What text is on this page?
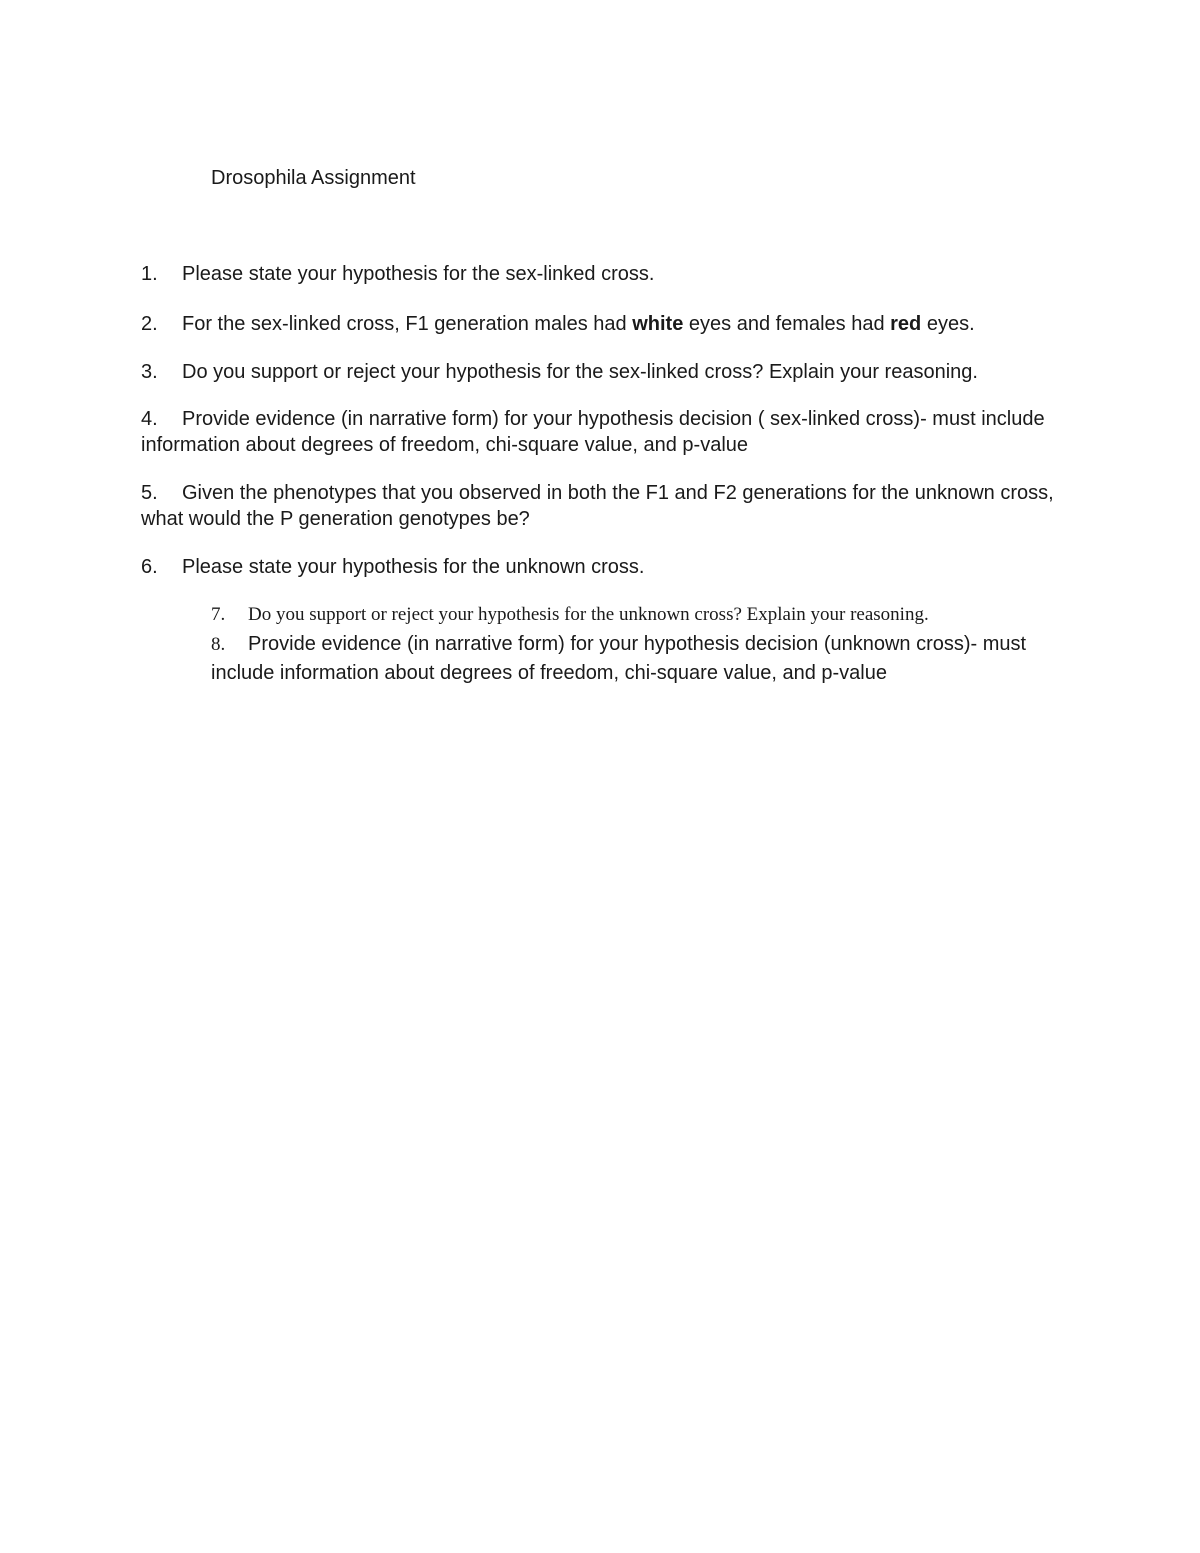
Drosophila Assignment
1. Please state your hypothesis for the sex-linked cross.
2. For the sex-linked cross, F1 generation males had white eyes and females had red eyes.
3. Do you support or reject your hypothesis for the sex-linked cross? Explain your reasoning.
4. Provide evidence (in narrative form) for your hypothesis decision ( sex-linked cross)- must include information about degrees of freedom, chi-square value, and p-value
5. Given the phenotypes that you observed in both the F1 and F2 generations for the unknown cross, what would the P generation genotypes be?
6. Please state your hypothesis for the unknown cross.
7. Do you support or reject your hypothesis for the unknown cross? Explain your reasoning.
8. Provide evidence (in narrative form) for your hypothesis decision (unknown cross)- must include information about degrees of freedom, chi-square value, and p-value
